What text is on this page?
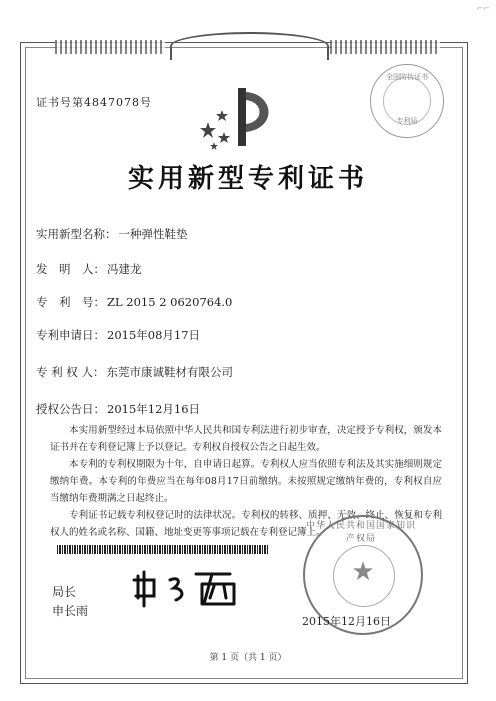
⌐⌐
证书号第4847078号
全国防伪证书
专利局
实用新型专利证书
实用新型名称： 一种弹性鞋垫
发　明　人： 冯建龙
专　利　号： ZL 2015 2 0620764.0
专利申请日： 2015年08月17日
专 利 权 人： 东莞市康诚鞋材有限公司
授权公告日： 2015年12月16日

本实用新型经过本局依照中华人民共和国专利法进行初步审查，决定授予专利权，颁发本证书并在专利登记簿上予以登记。专利权自授权公告之日起生效。

本专利的专利权期限为十年，自申请日起算。专利权人应当依照专利法及其实施细则规定缴纳年费。本专利的年费应当在每年08月17日前缴纳。未按照规定缴纳年费的，专利权自应当缴纳年费期满之日起终止。

专利证书记载专利权登记时的法律状况。专利权的转移、质押、无效、终止、恢复和专利权人的姓名或名称、国籍、地址变更等事项记载在专利登记簿上。

局长
申长雨
★
中华人民共和国国家知识产权局
2015年12月16日
第 1 页（共 1 页）
